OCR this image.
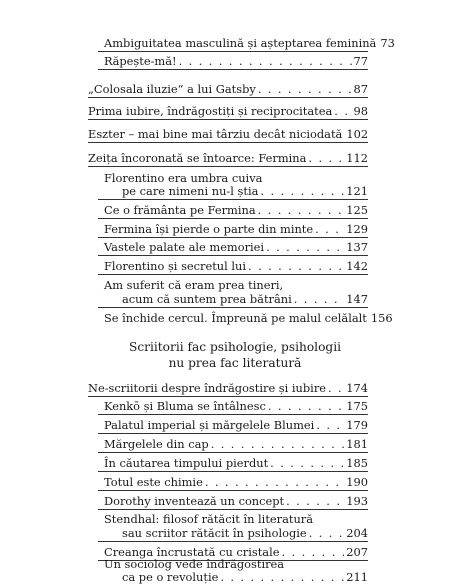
Ambiguitatea masculină și așteptarea feminină 73
Răpește-mă! . . .	77
„Colosala iluzie“ a lui Gatsby . . .	87
Prima iubire, îndrăgostiți și reciprocitatea . . . 98
Eszter – mai bine mai târziu decât niciodată 102
Zeița încoronată se întoarce: Fermina . . .	112
Florentino era umbra cuiva
pe care nimeni nu-l știa . . .	121
Ce o frământa pe Fermina . . .	125
Fermina își pierde o parte din minte . . .	129
Vastele palate ale memoriei . . .	137
Florentino și secretul lui . . .	142
Am suferit că eram prea tineri,
acum că suntem prea bătrâni . . .	147
Se închide cercul. Împreună pe malul celălalt 156
Scriitorii fac psihologie, psihologii
nu prea fac literatură
Ne-scriitorii despre îndrăgostire și iubire . . . 174
Kenkō și Bluma se întâlnesc . . .	175
Palatul imperial și mărgelele Blumei . . .	179
Mărgelele din cap . . .	181
În căutarea timpului pierdut . . .	185
Totul este chimie . . .	190
Dorothy inventează un concept . . .	193
Stendhal: filosof rătăcit în literatură
sau scriitor rătăcit în psihologie . . .	204
Creanga încrustată cu cristale . . .	207
Un sociolog vede îndrăgostirea
ca pe o revoluție . . .	211
